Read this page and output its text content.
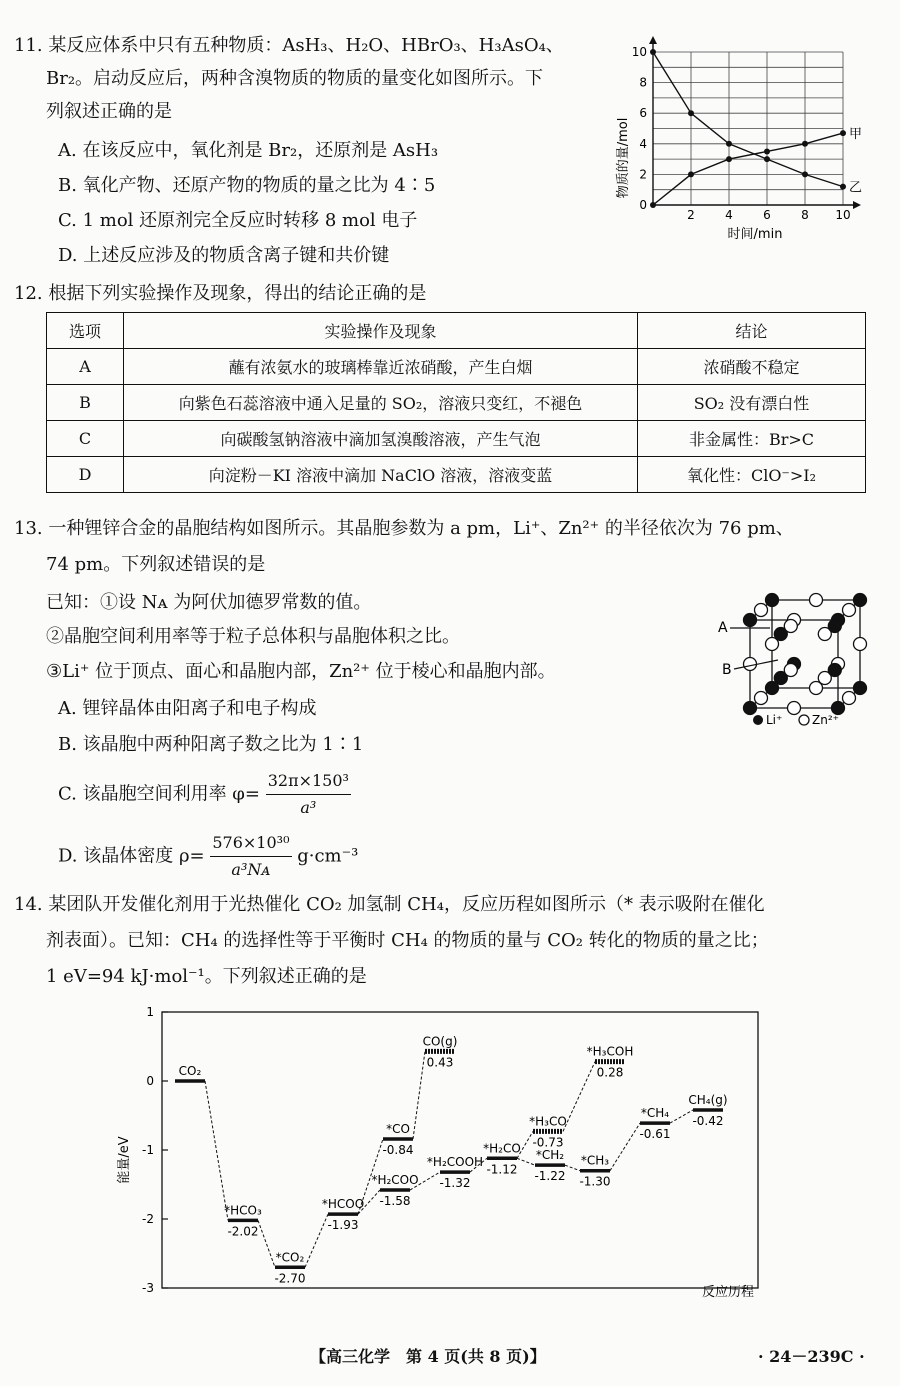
11. 某反应体系中只有五种物质：AsH₃、H₂O、HBrO₃、H₃AsO₄、
Br₂。启动反应后，两种含溴物质的物质的量变化如图所示。下
列叙述正确的是
A. 在该反应中，氧化剂是 Br₂，还原剂是 AsH₃
B. 氧化产物、还原产物的物质的量之比为 4∶5
C. 1 mol 还原剂完全反应时转移 8 mol 电子
D. 上述反应涉及的物质含离子键和共价键
0
2
4
6
8
10
2	4	6	8 10
物质的量/mol
时间/min
甲
乙
12. 根据下列实验操作及现象，得出的结论正确的是
选项	实验操作及现象	结论
A	蘸有浓氨水的玻璃棒靠近浓硝酸，产生白烟	浓硝酸不稳定
B	向紫色石蕊溶液中通入足量的 SO₂，溶液只变红，不褪色	SO₂ 没有漂白性
C	向碳酸氢钠溶液中滴加氢溴酸溶液，产生气泡	非金属性：Br>C
D	向淀粉－KI 溶液中滴加 NaClO 溶液，溶液变蓝	氧化性：ClO⁻>I₂
13. 一种锂锌合金的晶胞结构如图所示。其晶胞参数为 a pm，Li⁺、Zn²⁺ 的半径依次为 76 pm、
74 pm。下列叙述错误的是
已知：①设 Nᴀ 为阿伏加德罗常数的值。
②晶胞空间利用率等于粒子总体积与晶胞体积之比。
③Li⁺ 位于顶点、面心和晶胞内部，Zn²⁺ 位于棱心和晶胞内部。
A. 锂锌晶体由阳离子和电子构成
B. 该晶胞中两种阳离子数之比为 1∶1
C. 该晶胞空间利用率 $\varphi= \frac{\text{32π×150³}}{\text{a³}}$
D. 该晶体密度 $\rho= \frac{\text{576×10³⁰}}{\text{a³Nᴀ}} g\cdot cm^{-3}$
A
B
Li⁺ Zn²⁺
14. 某团队开发催化剂用于光热催化 CO₂ 加氢制 CH₄，反应历程如图所示（* 表示吸附在催化
剂表面）。已知：CH₄ 的选择性等于平衡时 CH₄ 的物质的量与 CO₂ 转化的物质的量之比；
1 eV=94 kJ·mol⁻¹。下列叙述正确的是
1
0
-1
-2
-3
CO₂
*HCO₃
-2.02
*CO₂
-2.70
*HCOO
-1.93
*H₂COO
-1.58
*CO
-0.84
CO(g)
0.43
*H₂COOH
-1.32
*H₂CO
-1.12
*H₃CO
-0.73
*H₃COH
0.28
*CH₂
-1.22
*CH₃
-1.30
*CH₄
-0.61
CH₄(g)
-0.42
能量/eV
反应历程
【高三化学　第 4 页(共 8 页)】	· 24－239C ·
